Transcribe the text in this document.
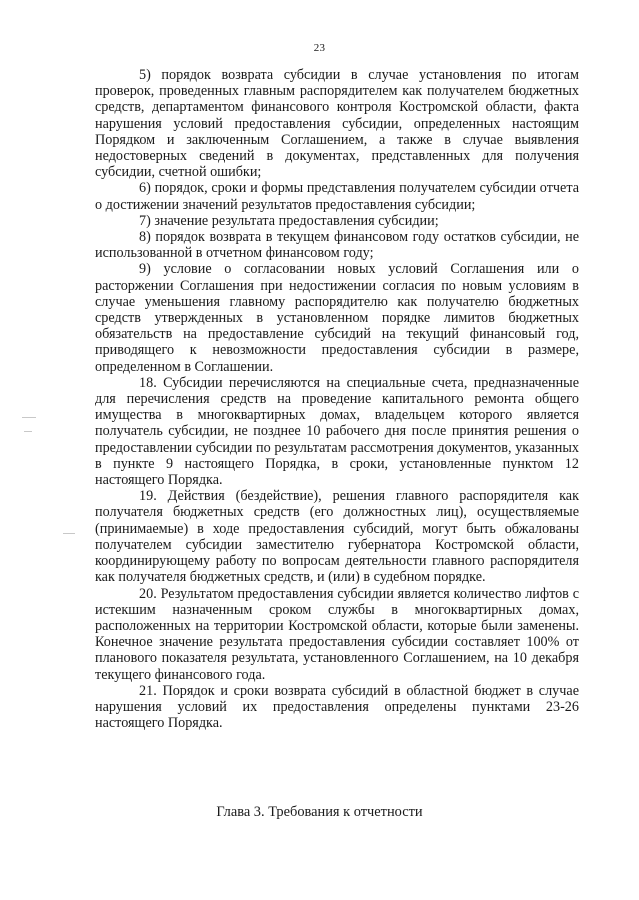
23

5) порядок возврата субсидии в случае установления по итогам проверок, проведенных главным распорядителем как получателем бюджетных средств, департаментом финансового контроля Костромской области, факта нарушения условий предоставления субсидии, определенных настоящим Порядком и заключенным Соглашением, а также в случае выявления недостоверных сведений в документах, представленных для получения субсидии, счетной ошибки;

6) порядок, сроки и формы представления получателем субсидии отчета о достижении значений результатов предоставления субсидии;

7) значение результата предоставления субсидии;

8) порядок возврата в текущем финансовом году остатков субсидии, не использованной в отчетном финансовом году;

9) условие о согласовании новых условий Соглашения или о расторжении Соглашения при недостижении согласия по новым условиям в случае уменьшения главному распорядителю как получателю бюджетных средств утвержденных в установленном порядке лимитов бюджетных обязательств на предоставление субсидий на текущий финансовый год, приводящего к невозможности предоставления субсидии в размере, определенном в Соглашении.

18. Субсидии перечисляются на специальные счета, предназначенные для перечисления средств на проведение капитального ремонта общего имущества в многоквартирных домах, владельцем которого является получатель субсидии, не позднее 10 рабочего дня после принятия решения о предоставлении субсидии по результатам рассмотрения документов, указанных в пункте 9 настоящего Порядка, в сроки, установленные пунктом 12 настоящего Порядка.

19. Действия (бездействие), решения главного распорядителя как получателя бюджетных средств (его должностных лиц), осуществляемые (принимаемые) в ходе предоставления субсидий, могут быть обжалованы получателем субсидии заместителю губернатора Костромской области, координирующему работу по вопросам деятельности главного распорядителя как получателя бюджетных средств, и (или) в судебном порядке.

20. Результатом предоставления субсидии является количество лифтов с истекшим назначенным сроком службы в многоквартирных домах, расположенных на территории Костромской области, которые были заменены. Конечное значение результата предоставления субсидии составляет 100% от планового показателя результата, установленного Соглашением, на 10 декабря текущего финансового года.

21. Порядок и сроки возврата субсидий в областной бюджет в случае нарушения условий их предоставления определены пунктами 23-26 настоящего Порядка.

Глава 3. Требования к отчетности
